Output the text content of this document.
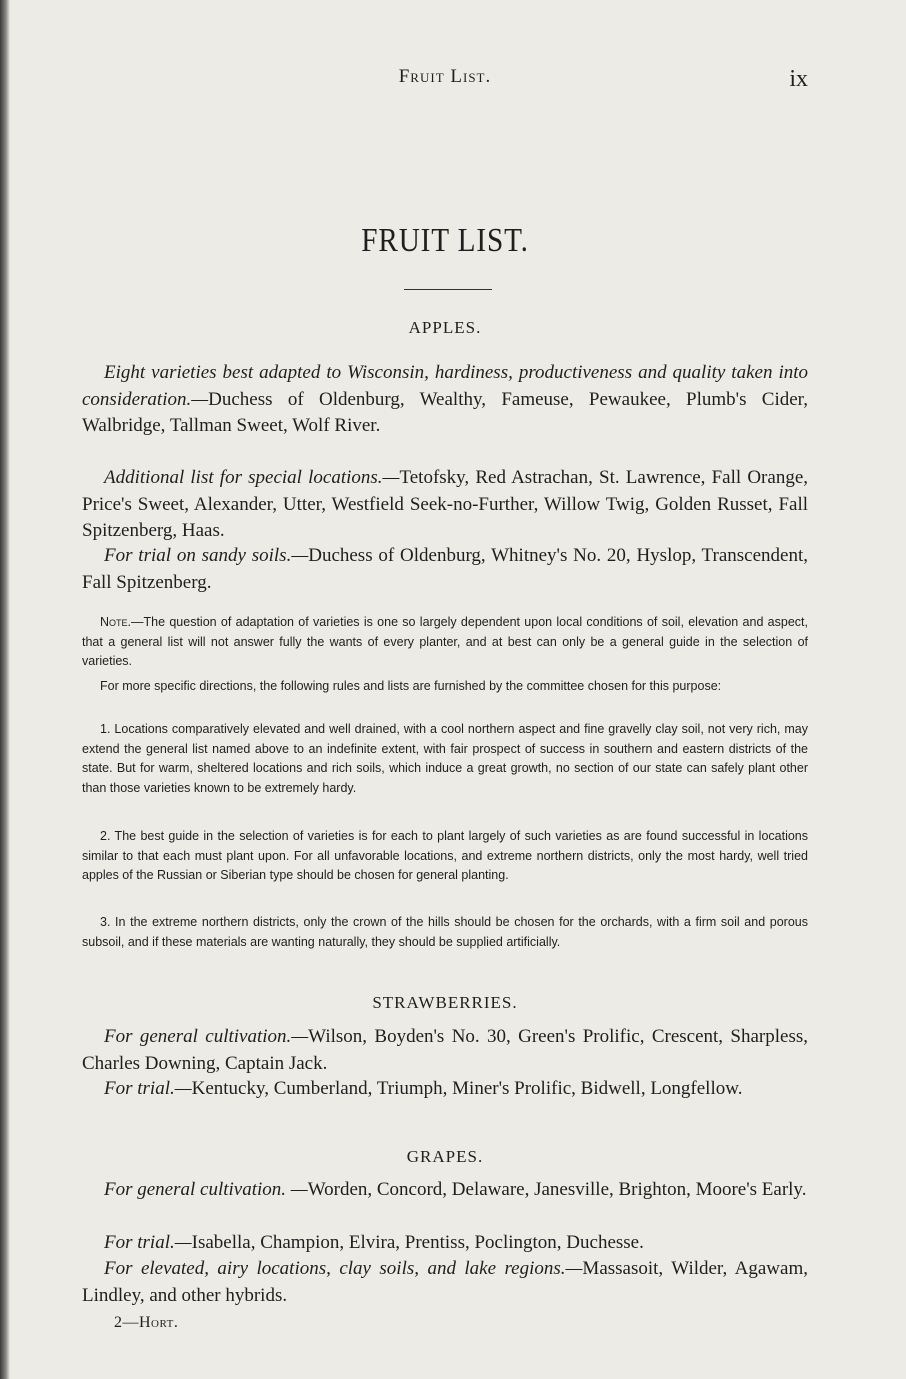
Fruit List.	ix
FRUIT LIST.
APPLES.

Eight varieties best adapted to Wisconsin, hardiness, productiveness and quality taken into consideration.—Duchess of Oldenburg, Wealthy, Fameuse, Pewaukee, Plumb's Cider, Walbridge, Tallman Sweet, Wolf River.

Additional list for special locations.—Tetofsky, Red Astrachan, St. Lawrence, Fall Orange, Price's Sweet, Alexander, Utter, Westfield Seek-no-Further, Willow Twig, Golden Russet, Fall Spitzenberg, Haas.

For trial on sandy soils.—Duchess of Oldenburg, Whitney's No. 20, Hyslop, Transcendent, Fall Spitzenberg.

Note.—The question of adaptation of varieties is one so largely dependent upon local conditions of soil, elevation and aspect, that a general list will not answer fully the wants of every planter, and at best can only be a general guide in the selection of varieties.

For more specific directions, the following rules and lists are furnished by the committee chosen for this purpose:

1. Locations comparatively elevated and well drained, with a cool northern aspect and fine gravelly clay soil, not very rich, may extend the general list named above to an indefinite extent, with fair prospect of success in southern and eastern districts of the state. But for warm, sheltered locations and rich soils, which induce a great growth, no section of our state can safely plant other than those varieties known to be extremely hardy.

2. The best guide in the selection of varieties is for each to plant largely of such varieties as are found successful in locations similar to that each must plant upon. For all unfavorable locations, and extreme northern districts, only the most hardy, well tried apples of the Russian or Siberian type should be chosen for general planting.

3. In the extreme northern districts, only the crown of the hills should be chosen for the orchards, with a firm soil and porous subsoil, and if these materials are wanting naturally, they should be supplied artificially.

STRAWBERRIES.

For general cultivation.—Wilson, Boyden's No. 30, Green's Prolific, Crescent, Sharpless, Charles Downing, Captain Jack.

For trial.—Kentucky, Cumberland, Triumph, Miner's Prolific, Bidwell, Longfellow.

GRAPES.

For general cultivation. —Worden, Concord, Delaware, Janesville, Brighton, Moore's Early.

For trial.—Isabella, Champion, Elvira, Prentiss, Poclington, Duchesse.

For elevated, airy locations, clay soils, and lake regions.—Massasoit, Wilder, Agawam, Lindley, and other hybrids.

2—Hort.
